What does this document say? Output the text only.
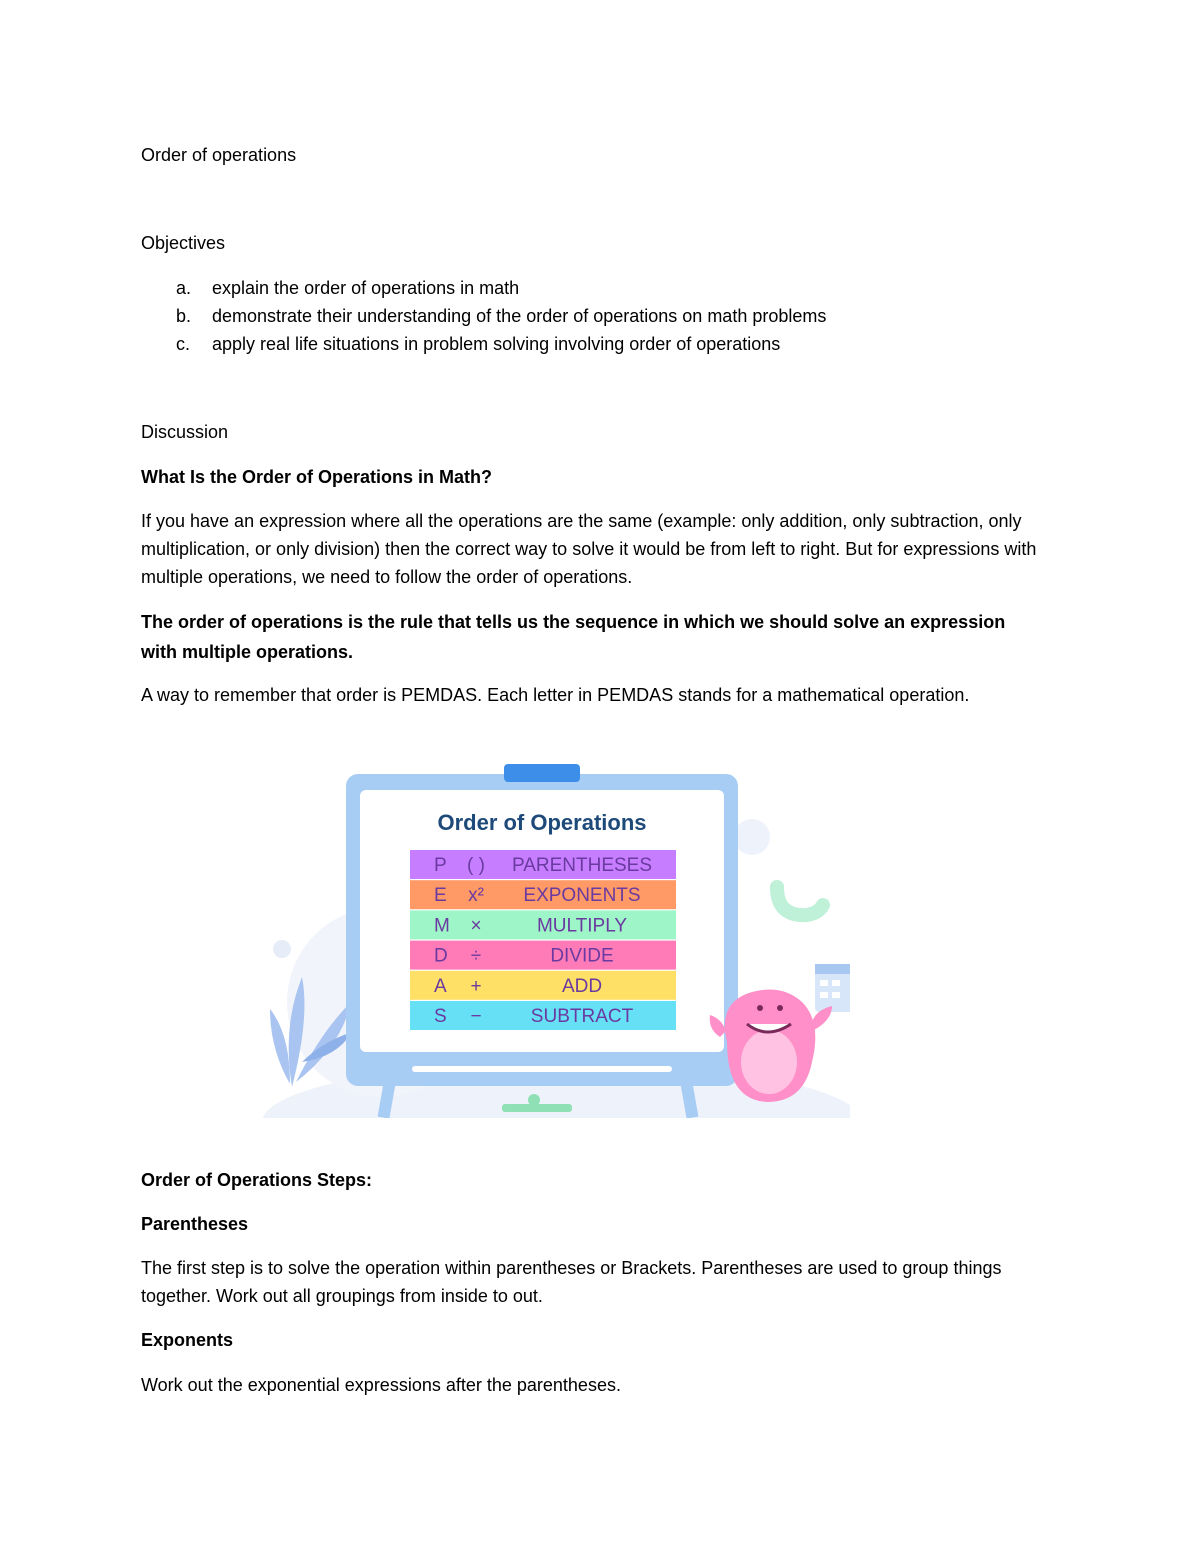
Order of operations
Objectives
a. explain the order of operations in math
b. demonstrate their understanding of the order of operations on math problems
c. apply real life situations in problem solving involving order of operations
Discussion
What Is the Order of Operations in Math?
If you have an expression where all the operations are the same (example: only addition, only subtraction, only multiplication, or only division) then the correct way to solve it would be from left to right. But for expressions with multiple operations, we need to follow the order of operations.
The order of operations is the rule that tells us the sequence in which we should solve an expression with multiple operations.
A way to remember that order is PEMDAS. Each letter in PEMDAS stands for a mathematical operation.
Order of Operations
P ( ) PARENTHESES
E x² EXPONENTS
M ×	MULTIPLY
D ÷	DIVIDE
A +	ADD
S −	SUBTRACT
Order of Operations Steps:
Parentheses
The first step is to solve the operation within parentheses or Brackets. Parentheses are used to group things together. Work out all groupings from inside to out.
Exponents
Work out the exponential expressions after the parentheses.
